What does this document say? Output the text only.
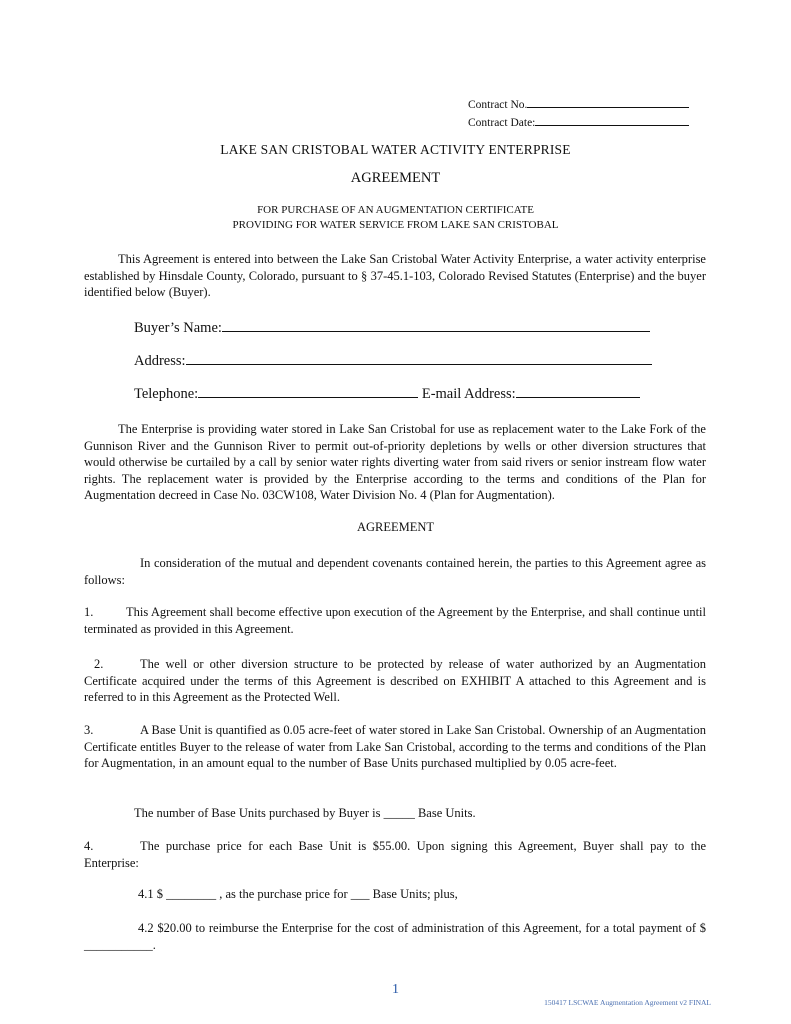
Contract No.
Contract Date:
LAKE SAN CRISTOBAL WATER ACTIVITY ENTERPRISE
AGREEMENT
FOR PURCHASE OF AN AUGMENTATION CERTIFICATE
PROVIDING FOR WATER SERVICE FROM LAKE SAN CRISTOBAL
This Agreement is entered into between the Lake San Cristobal Water Activity Enterprise, a water activity enterprise established by Hinsdale County, Colorado, pursuant to § 37-45.1-103, Colorado Revised Statutes (Enterprise) and the buyer identified below (Buyer).
Buyer’s Name:
Address:
Telephone:	E-mail Address:
The Enterprise is providing water stored in Lake San Cristobal for use as replacement water to the Lake Fork of the Gunnison River and the Gunnison River to permit out-of-priority depletions by wells or other diversion structures that would otherwise be curtailed by a call by senior water rights diverting water from said rivers or senior instream flow water rights. The replacement water is provided by the Enterprise according to the terms and conditions of the Plan for Augmentation decreed in Case No. 03CW108, Water Division No. 4 (Plan for Augmentation).
AGREEMENT
In consideration of the mutual and dependent covenants contained herein, the parties to this Agreement agree as follows:
1.	This Agreement shall become effective upon execution of the Agreement by the Enterprise, and shall continue until terminated as provided in this Agreement.
2.	The well or other diversion structure to be protected by release of water authorized by an Augmentation Certificate acquired under the terms of this Agreement is described on EXHIBIT A attached to this Agreement and is referred to in this Agreement as the Protected Well.
3.	A Base Unit is quantified as 0.05 acre-feet of water stored in Lake San Cristobal. Ownership of an Augmentation Certificate entitles Buyer to the release of water from Lake San Cristobal, according to the terms and conditions of the Plan for Augmentation, in an amount equal to the number of Base Units purchased multiplied by 0.05 acre-feet.
The number of Base Units purchased by Buyer is _____ Base Units.
4.	The purchase price for each Base Unit is $55.00. Upon signing this Agreement, Buyer shall pay to the Enterprise:
4.1 $ ________ , as the purchase price for ___ Base Units; plus,
4.2 $20.00 to reimburse the Enterprise for the cost of administration of this Agreement, for a total payment of $ ___________.
1
150417 LSCWAE Augmentation Agreement v2 FINAL
